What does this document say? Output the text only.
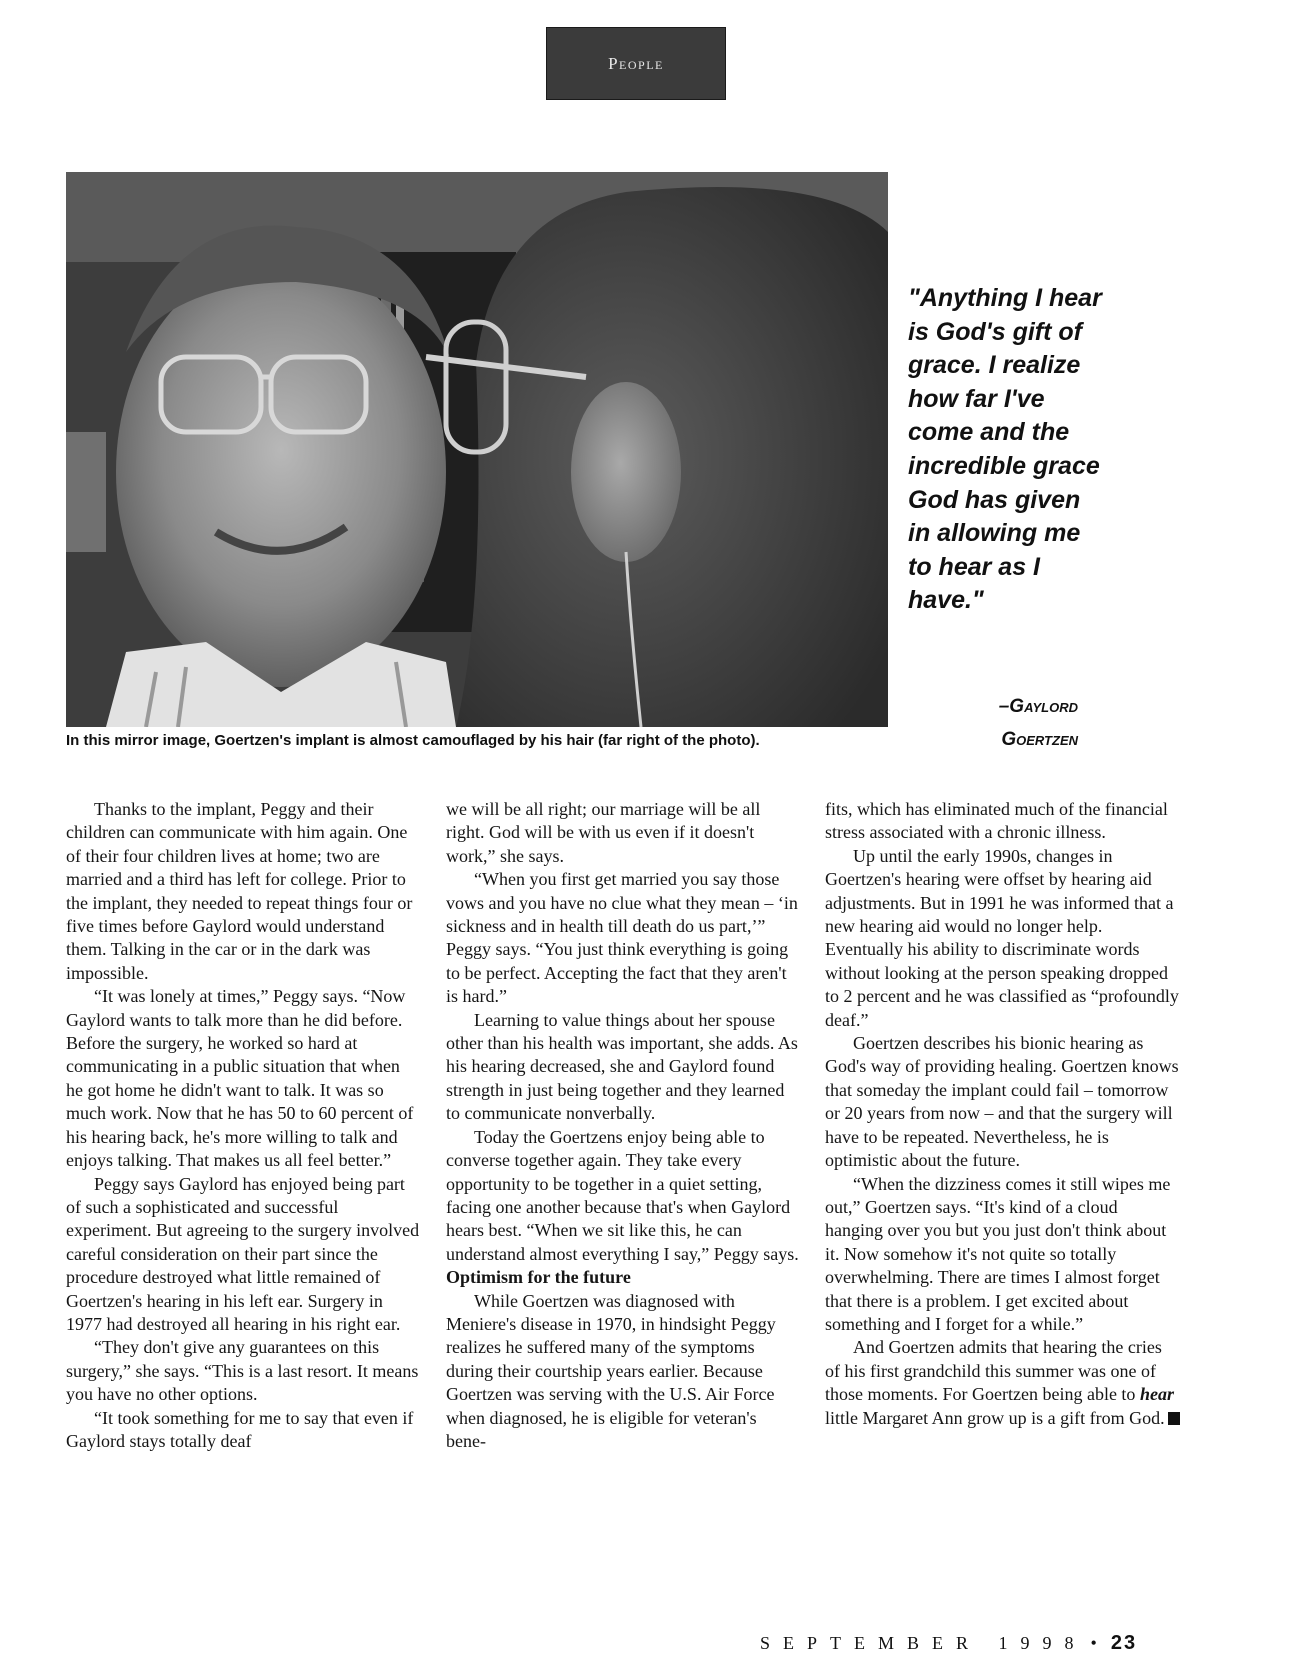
People
In this mirror image, Goertzen's implant is almost camouflaged by his hair (far right of the photo).
"Anything I hear is God's gift of grace. I realize how far I've come and the incredible grace God has given in allowing me to hear as I have."
–Gaylord
Goertzen

Thanks to the implant, Peggy and their children can communicate with him again. One of their four children lives at home; two are married and a third has left for college. Prior to the implant, they needed to repeat things four or five times before Gaylord would understand them. Talking in the car or in the dark was impossible.

“It was lonely at times,” Peggy says. “Now Gaylord wants to talk more than he did before. Before the surgery, he worked so hard at communicating in a public situation that when he got home he didn't want to talk. It was so much work. Now that he has 50 to 60 percent of his hearing back, he's more willing to talk and enjoys talking. That makes us all feel better.”

Peggy says Gaylord has enjoyed being part of such a sophisticated and successful experiment. But agreeing to the surgery involved careful consideration on their part since the procedure destroyed what little remained of Goertzen's hearing in his left ear. Surgery in 1977 had destroyed all hearing in his right ear.

“They don't give any guarantees on this surgery,” she says. “This is a last resort. It means you have no other options.

“It took something for me to say that even if Gaylord stays totally deaf

we will be all right; our marriage will be all right. God will be with us even if it doesn't work,” she says.

“When you first get married you say those vows and you have no clue what they mean – ‘in sickness and in health till death do us part,’” Peggy says. “You just think everything is going to be perfect. Accepting the fact that they aren't is hard.”

Learning to value things about her spouse other than his health was important, she adds. As his hearing decreased, she and Gaylord found strength in just being together and they learned to communicate nonverbally.

Today the Goertzens enjoy being able to converse together again. They take every opportunity to be together in a quiet setting, facing one another because that's when Gaylord hears best. “When we sit like this, he can understand almost everything I say,” Peggy says.

Optimism for the future

While Goertzen was diagnosed with Meniere's disease in 1970, in hindsight Peggy realizes he suffered many of the symptoms during their courtship years earlier. Because Goertzen was serving with the U.S. Air Force when diagnosed, he is eligible for veteran's bene-

fits, which has eliminated much of the financial stress associated with a chronic illness.

Up until the early 1990s, changes in Goertzen's hearing were offset by hearing aid adjustments. But in 1991 he was informed that a new hearing aid would no longer help. Eventually his ability to discriminate words without looking at the person speaking dropped to 2 percent and he was classified as “profoundly deaf.”

Goertzen describes his bionic hearing as God's way of providing healing. Goertzen knows that someday the implant could fail – tomorrow or 20 years from now – and that the surgery will have to be repeated. Nevertheless, he is optimistic about the future.

“When the dizziness comes it still wipes me out,” Goertzen says. “It's kind of a cloud hanging over you but you just don't think about it. Now somehow it's not quite so totally overwhelming. There are times I almost forget that there is a problem. I get excited about something and I forget for a while.”

And Goertzen admits that hearing the cries of his first grandchild this summer was one of those moments. For Goertzen being able to hear little Margaret Ann grow up is a gift from God.

SEPTEMBER 1998 • 23
